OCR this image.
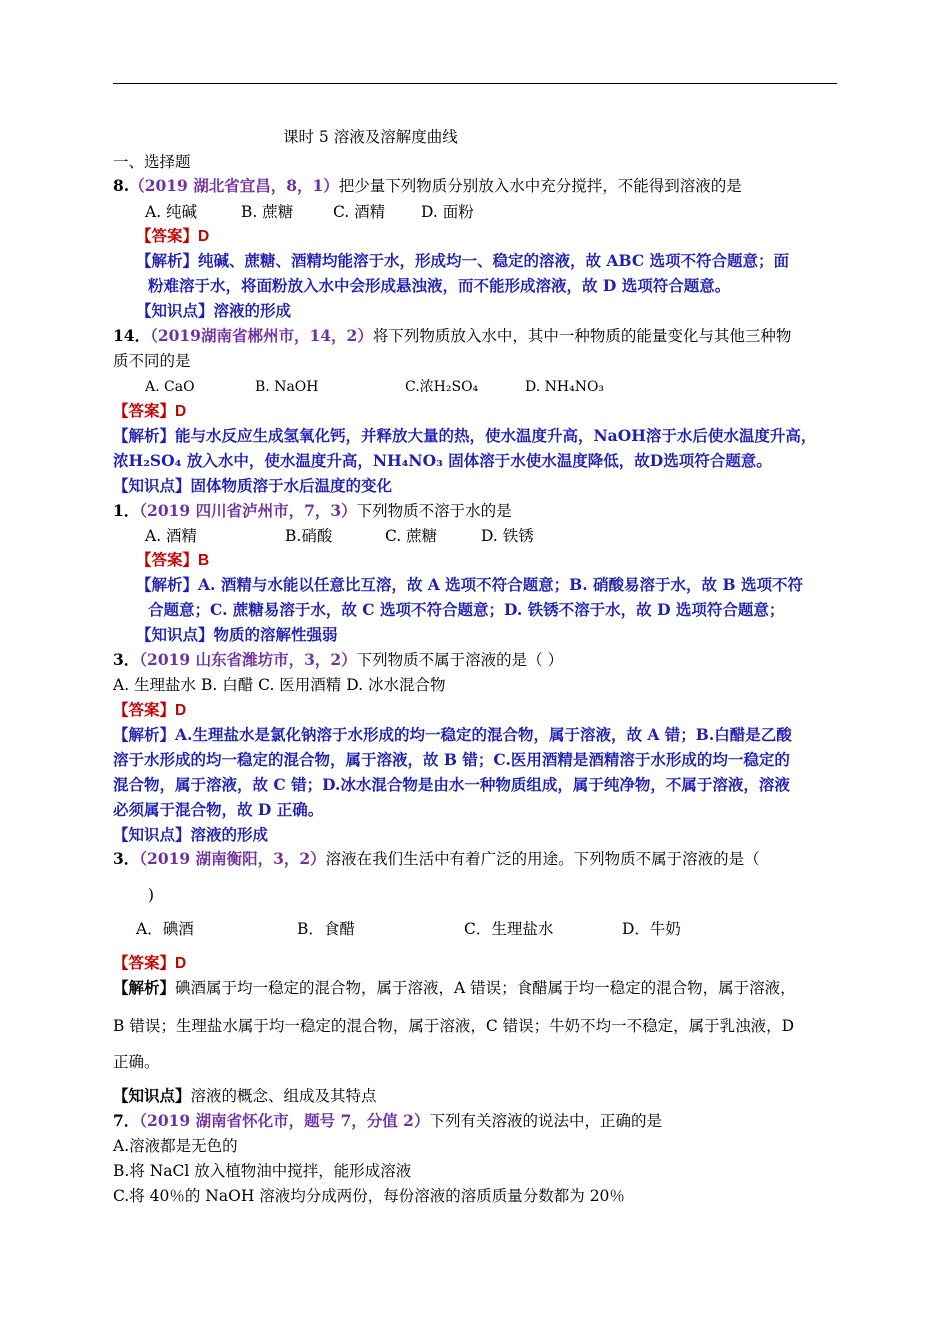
课时 5 溶液及溶解度曲线
一、选择题
8.（2019 湖北省宜昌，8，1）把少量下列物质分别放入水中充分搅拌，不能得到溶液的是
A. 纯碱	B. 蔗糖	C. 酒精 D. 面粉
【答案】D
【解析】纯碱、蔗糖、酒精均能溶于水，形成均一、稳定的溶液，故 ABC 选项不符合题意；面
粉难溶于水，将面粉放入水中会形成悬浊液，而不能形成溶液，故 D 选项符合题意。
【知识点】溶液的形成
14．（2019湖南省郴州市，14，2）将下列物质放入水中，其中一种物质的能量变化与其他三种物
质不同的是
A. CaO	B. NaOH	C.浓H₂SO₄	D. NH₄NO₃
【答案】D
【解析】能与水反应生成氢氧化钙，并释放大量的热，使水温度升高，NaOH溶于水后使水温度升高，
浓H₂SO₄ 放入水中，使水温度升高，NH₄NO₃ 固体溶于水使水温度降低，故D选项符合题意。
【知识点】固体物质溶于水后温度的变化
1．（2019 四川省泸州市，7，3）下列物质不溶于水的是
A. 酒精	B.硝酸	C. 蔗糖	D. 铁锈
【答案】B
【解析】A. 酒精与水能以任意比互溶，故 A 选项不符合题意；B. 硝酸易溶于水，故 B 选项不符
合题意；C. 蔗糖易溶于水，故 C 选项不符合题意；D. 铁锈不溶于水，故 D 选项符合题意；
【知识点】物质的溶解性强弱
3．（2019 山东省潍坊市，3，2）下列物质不属于溶液的是（ ）
A. 生理盐水 B. 白醋 C. 医用酒精 D. 冰水混合物
【答案】D
【解析】A.生理盐水是氯化钠溶于水形成的均一稳定的混合物，属于溶液，故 A 错；B.白醋是乙酸
溶于水形成的均一稳定的混合物，属于溶液，故 B 错；C.医用酒精是酒精溶于水形成的均一稳定的
混合物，属于溶液，故 C 错；D.冰水混合物是由水一种物质组成，属于纯净物，不属于溶液，溶液
必须属于混合物，故 D 正确。
【知识点】溶液的形成
3．（2019 湖南衡阳，3，2）溶液在我们生活中有着广泛的用途。下列物质不属于溶液的是（
)
A．碘酒	B．食醋	C．生理盐水	D．牛奶
【答案】D
【解析】碘酒属于均一稳定的混合物，属于溶液，A 错误；食醋属于均一稳定的混合物，属于溶液，
B 错误；生理盐水属于均一稳定的混合物，属于溶液，C 错误；牛奶不均一不稳定，属于乳浊液，D
正确。
【知识点】溶液的概念、组成及其特点
7．（2019 湖南省怀化市，题号 7，分值 2）下列有关溶液的说法中，正确的是
A.溶液都是无色的
B.将 NaCl 放入植物油中搅拌，能形成溶液
C.将 40％的 NaOH 溶液均分成两份，每份溶液的溶质质量分数都为 20％
